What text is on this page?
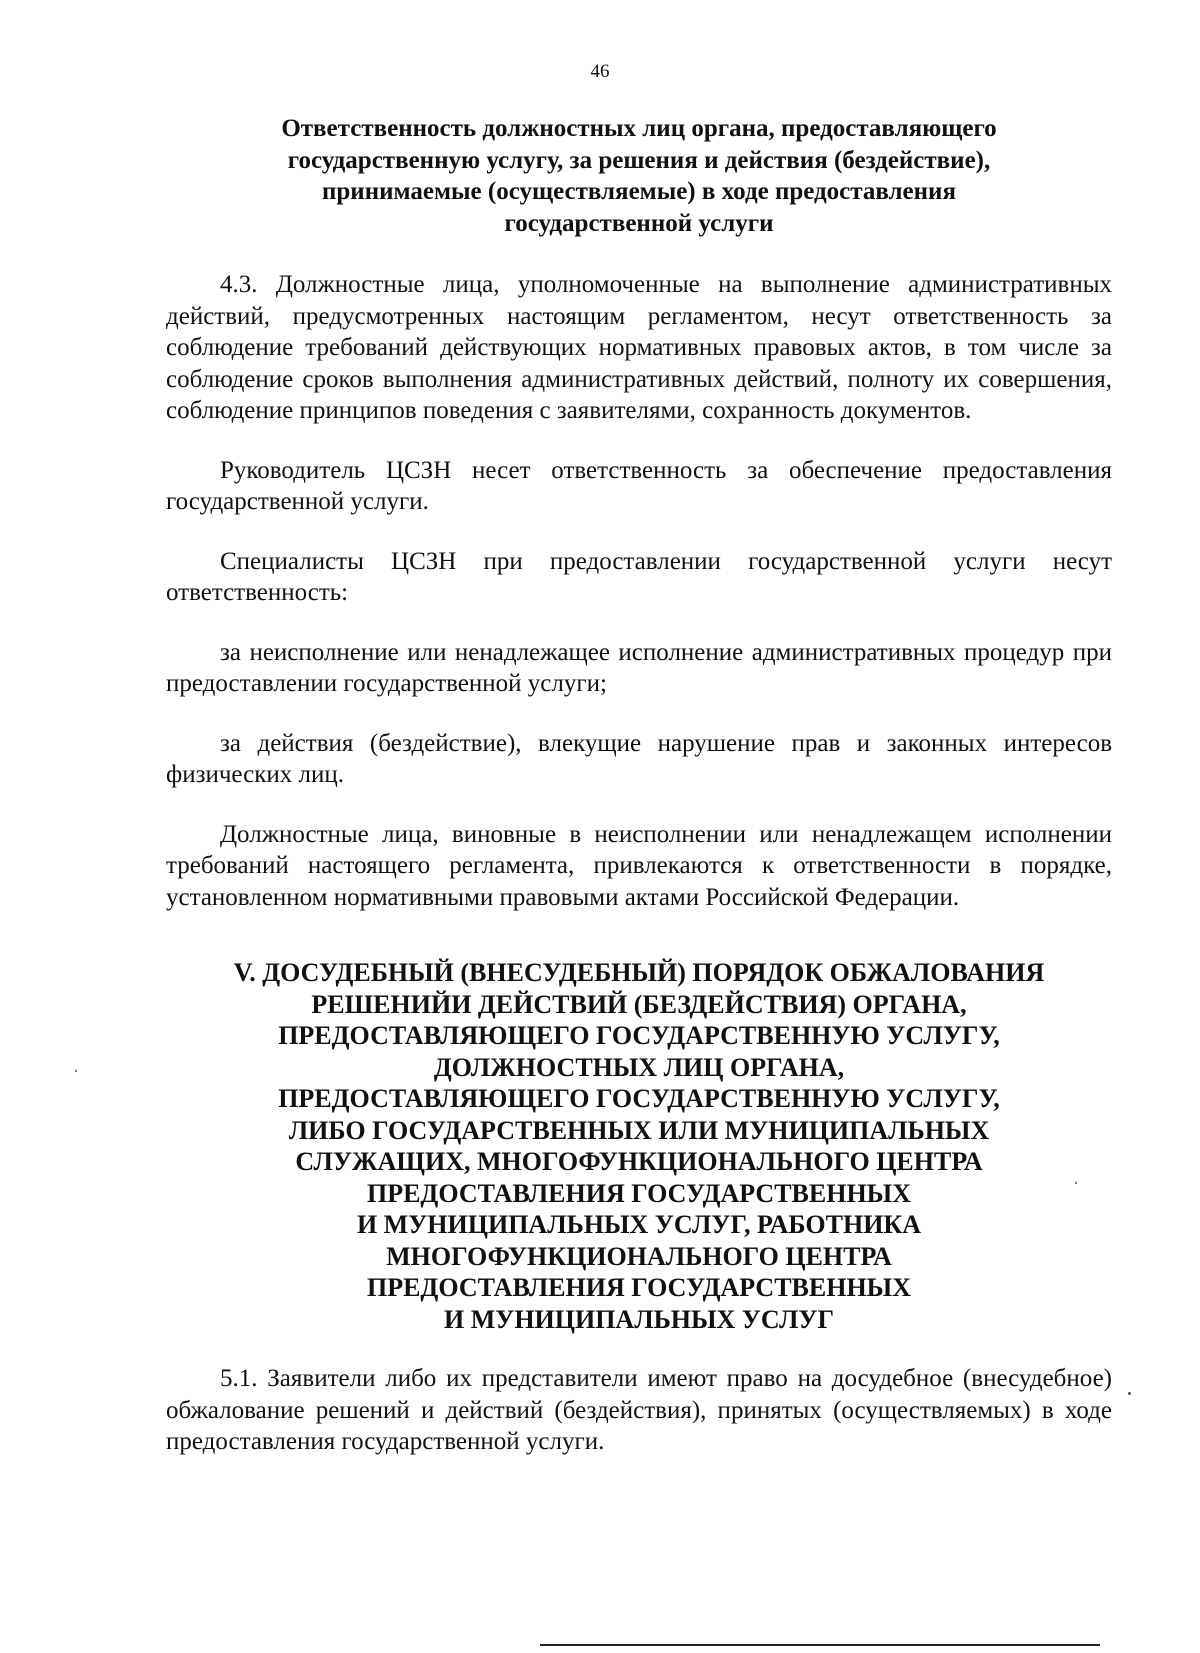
46
Ответственность должностных лиц органа, предоставляющего
государственную услугу, за решения и действия (бездействие),
принимаемые (осуществляемые) в ходе предоставления
государственной услуги

4.3. Должностные лица, уполномоченные на выполнение административных действий, предусмотренных настоящим регламентом, несут ответственность за соблюдение требований действующих нормативных правовых актов, в том числе за соблюдение сроков выполнения административных действий, полноту их совершения, соблюдение принципов поведения с заявителями, сохранность документов.

Руководитель ЦСЗН несет ответственность за обеспечение предоставления государственной услуги.

Специалисты ЦСЗН при предоставлении государственной услуги несут ответственность:

за неисполнение или ненадлежащее исполнение административных процедур при предоставлении государственной услуги;

за действия (бездействие), влекущие нарушение прав и законных интересов физических лиц.

Должностные лица, виновные в неисполнении или ненадлежащем исполнении требований настоящего регламента, привлекаются к ответственности в порядке, установленном нормативными правовыми актами Российской Федерации.

V. ДОСУДЕБНЫЙ (ВНЕСУДЕБНЫЙ) ПОРЯДОК ОБЖАЛОВАНИЯ
РЕШЕНИЙИ ДЕЙСТВИЙ (БЕЗДЕЙСТВИЯ) ОРГАНА,
ПРЕДОСТАВЛЯЮЩЕГО ГОСУДАРСТВЕННУЮ УСЛУГУ,
ДОЛЖНОСТНЫХ ЛИЦ ОРГАНА,
ПРЕДОСТАВЛЯЮЩЕГО ГОСУДАРСТВЕННУЮ УСЛУГУ,
ЛИБО ГОСУДАРСТВЕННЫХ ИЛИ МУНИЦИПАЛЬНЫХ
СЛУЖАЩИХ, МНОГОФУНКЦИОНАЛЬНОГО ЦЕНТРА
ПРЕДОСТАВЛЕНИЯ ГОСУДАРСТВЕННЫХ
И МУНИЦИПАЛЬНЫХ УСЛУГ, РАБОТНИКА
МНОГОФУНКЦИОНАЛЬНОГО ЦЕНТРА
ПРЕДОСТАВЛЕНИЯ ГОСУДАРСТВЕННЫХ
И МУНИЦИПАЛЬНЫХ УСЛУГ

5.1. Заявители либо их представители имеют право на досудебное (внесудебное) обжалование решений и действий (бездействия), принятых (осуществляемых) в ходе предоставления государственной услуги.
